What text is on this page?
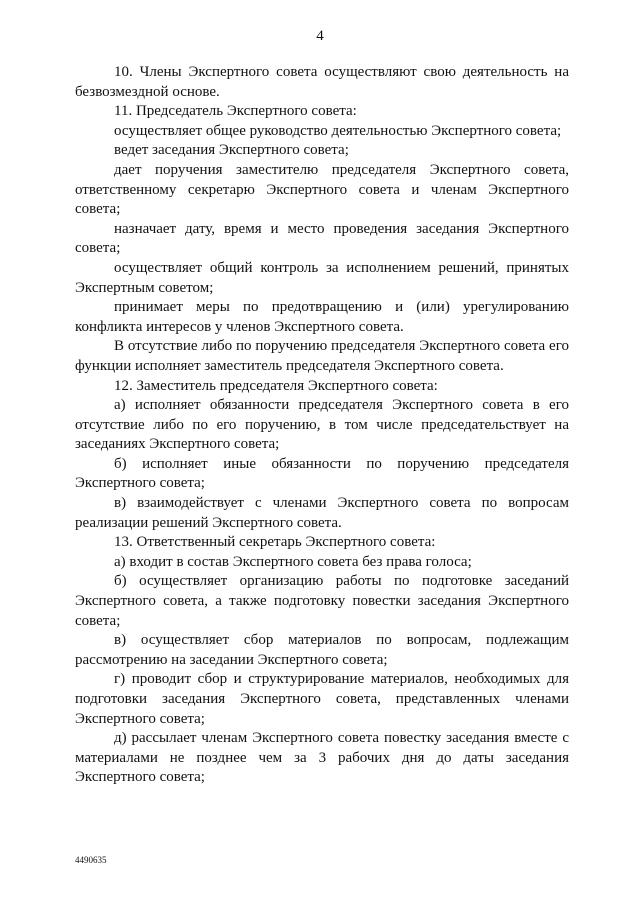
4

10. Члены Экспертного совета осуществляют свою деятельность на безвозмездной основе.

11. Председатель Экспертного совета:

осуществляет общее руководство деятельностью Экспертного совета;

ведет заседания Экспертного совета;

дает поручения заместителю председателя Экспертного совета, ответственному секретарю Экспертного совета и членам Экспертного совета;

назначает дату, время и место проведения заседания Экспертного совета;

осуществляет общий контроль за исполнением решений, принятых Экспертным советом;

принимает меры по предотвращению и (или) урегулированию конфликта интересов у членов Экспертного совета.

В отсутствие либо по поручению председателя Экспертного совета его функции исполняет заместитель председателя Экспертного совета.

12. Заместитель председателя Экспертного совета:

а) исполняет обязанности председателя Экспертного совета в его отсутствие либо по его поручению, в том числе председательствует на заседаниях Экспертного совета;

б) исполняет иные обязанности по поручению председателя Экспертного совета;

в) взаимодействует с членами Экспертного совета по вопросам реализации решений Экспертного совета.

13. Ответственный секретарь Экспертного совета:

а) входит в состав Экспертного совета без права голоса;

б) осуществляет организацию работы по подготовке заседаний Экспертного совета, а также подготовку повестки заседания Экспертного совета;

в) осуществляет сбор материалов по вопросам, подлежащим рассмотрению на заседании Экспертного совета;

г) проводит сбор и структурирование материалов, необходимых для подготовки заседания Экспертного совета, представленных членами Экспертного совета;

д) рассылает членам Экспертного совета повестку заседания вместе с материалами не позднее чем за 3 рабочих дня до даты заседания Экспертного совета;

4490635
